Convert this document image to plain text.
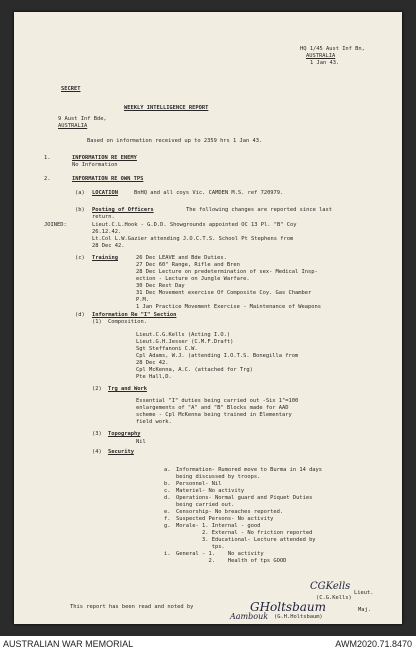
HQ 1/45 Aust Inf Bn,
AUSTRALIA
1 Jan 43.
SECRET
WEEKLY INTELLIGENCE REPORT
9 Aust Inf Bde,
AUSTRALIA
Based on information received up to 2359 hrs 1 Jan 43.
1.	INFORMATION RE ENEMY
No Information
2.	INFORMATION RE OWN TPS
(a) LOCATION	BnHQ and all coys Vic. CAMDEN M.S. ref 720979.
(b) Posting of Officers	The following changes are reported since last
return.
JOINED:	Lieut.C.L.Hook - G.D.D. Showgrounds appointed OC 13 Pl. "B" Coy
26.12.42.
Lt.Col L.W.Gazier attending J.O.C.T.S. School Pt Stephens from
28 Dec 42.
(c) Training	26 Dec LEAVE and Bde Duties.
27 Dec 60" Range, Rifle and Bren
28 Dec Lecture on predetermination of sex- Medical Insp-
ection - Lecture on Jungle Warfare.
30 Dec Rest Day
31 Dec Movement exercise Of Composite Coy. Gas Chamber
P.M.
1 Jan Practice Movement Exercise - Maintenance of Weapons
(d) Information Re "I" Section
(1) Composition.
Lieut.C.G.Kells (Acting I.O.)
Lieut.G.H.Jesser (C.M.F.Draft)
Sgt Steffanoni C.W.
Cpl Adams, W.J. (attending I.O.T.S. Bonegilla from
28 Dec 42.
Cpl McKenna, A.C. (attached for Trg)
Pte Hall,D.
(2) Trg and Work
Essential "I" duties being carried out -Six 1"=100
enlargements of "A" and "B" Blocks made for AAD
scheme - Cpl McKenna being trained in Elementary
field work.
(3) Topography
Nil
(4) Security
a. Information- Rumored move to Burma in 14 days
being discussed by troops.
b. Personnel- Nil
c. Materiel- No activity
d. Operations- Normal guard and Piquet Duties
being carried out.
e. Censorship- No breaches reported.
f. Suspected Persons- No activity
g. Morale- 1. Internal - good
2. External - No friction reported
3. Educational- Lecture attended by
tps.
i. General - 1.    No activity
2.    Health of tps GOOD
CGKells
(C.G.Kells)
Lieut.
This report has been read and noted by	GHoltsbaum
(G.H.Holtsbaum)
Maj.
Aambouk
AUSTRALIAN WAR MEMORIAL	AWM2020.71.8470
